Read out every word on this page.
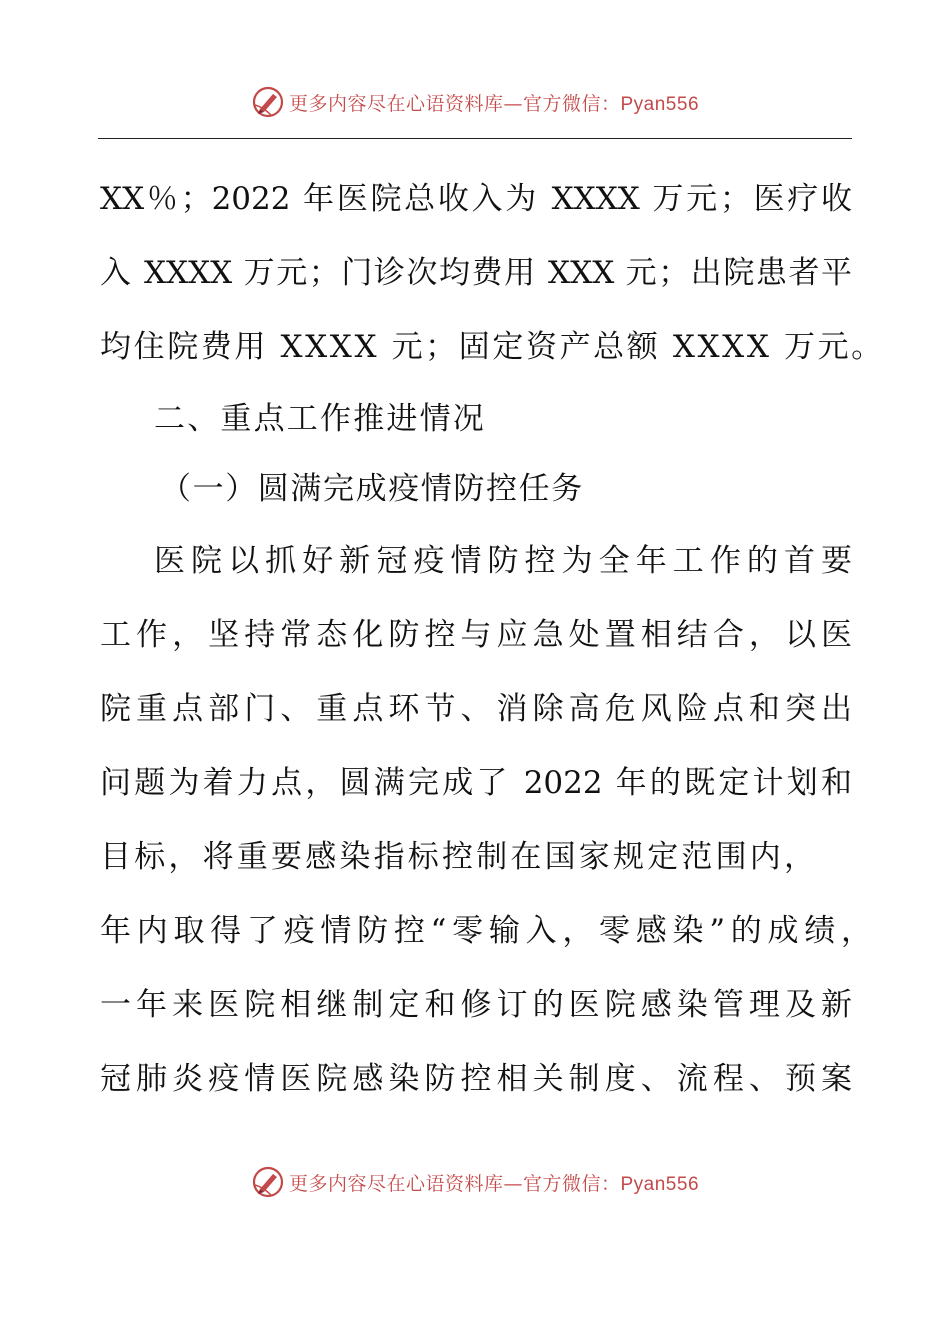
更多内容尽在心语资料库—官方微信：Pyan556
XX％；2022 年医院总收入为 XXXX 万元；医疗收
入 XXXX 万元；门诊次均费用 XXX 元；出院患者平
均住院费用 XXXX 元；固定资产总额 XXXX 万元。
二、重点工作推进情况
（一）圆满完成疫情防控任务
医院以抓好新冠疫情防控为全年工作的首要
工作，坚持常态化防控与应急处置相结合，以医
院重点部门、重点环节、消除高危风险点和突出
问题为着力点，圆满完成了 2022 年的既定计划和
目标，将重要感染指标控制在国家规定范围内，
年内取得了疫情防控“零输入，零感染”的成绩，
一年来医院相继制定和修订的医院感染管理及新
冠肺炎疫情医院感染防控相关制度、流程、预案
更多内容尽在心语资料库—官方微信：Pyan556
